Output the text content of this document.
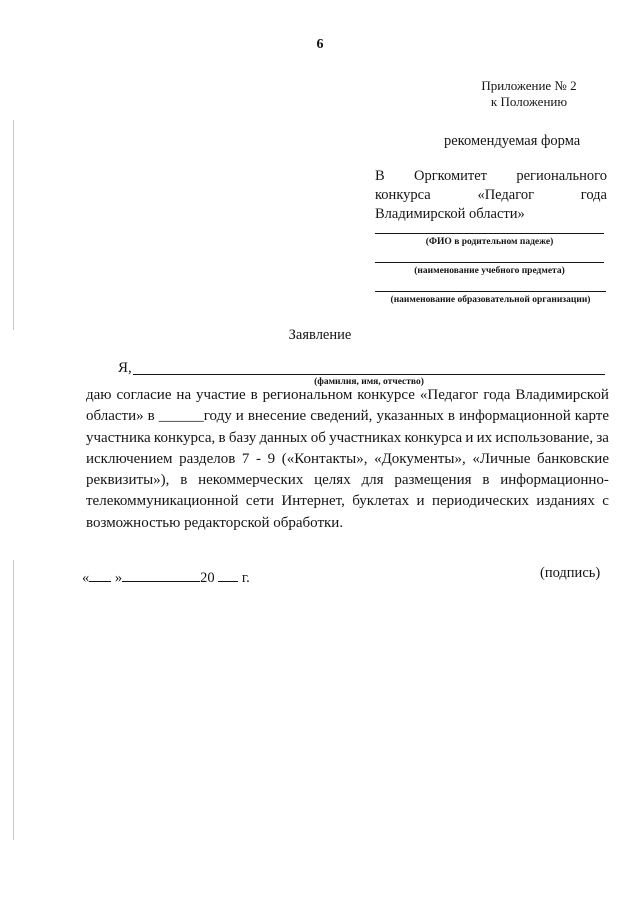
6
Приложение № 2
к Положению
рекомендуемая форма
В Оргкомитет регионального
конкурса	«Педагог	года
Владимирской области»
(ФИО в родительном падеже)
(наименование учебного предмета)
(наименование образовательной организации)
Заявление
Я,
(фамилия, имя, отчество)
даю согласие на участие в региональном конкурсе «Педагог года Владимирской
области» в ______году и внесение сведений, указанных в информационной карте
участника конкурса, в базу данных об участниках конкурса и их использование, за
исключением разделов 7 - 9 («Контакты», «Документы», «Личные банковские
реквизиты»), в некоммерческих целях для размещения в информационно-
телекоммуникационной сети Интернет, буклетах и периодических изданиях с
возможностью редакторской обработки.
« »	20 г.	(подпись)
